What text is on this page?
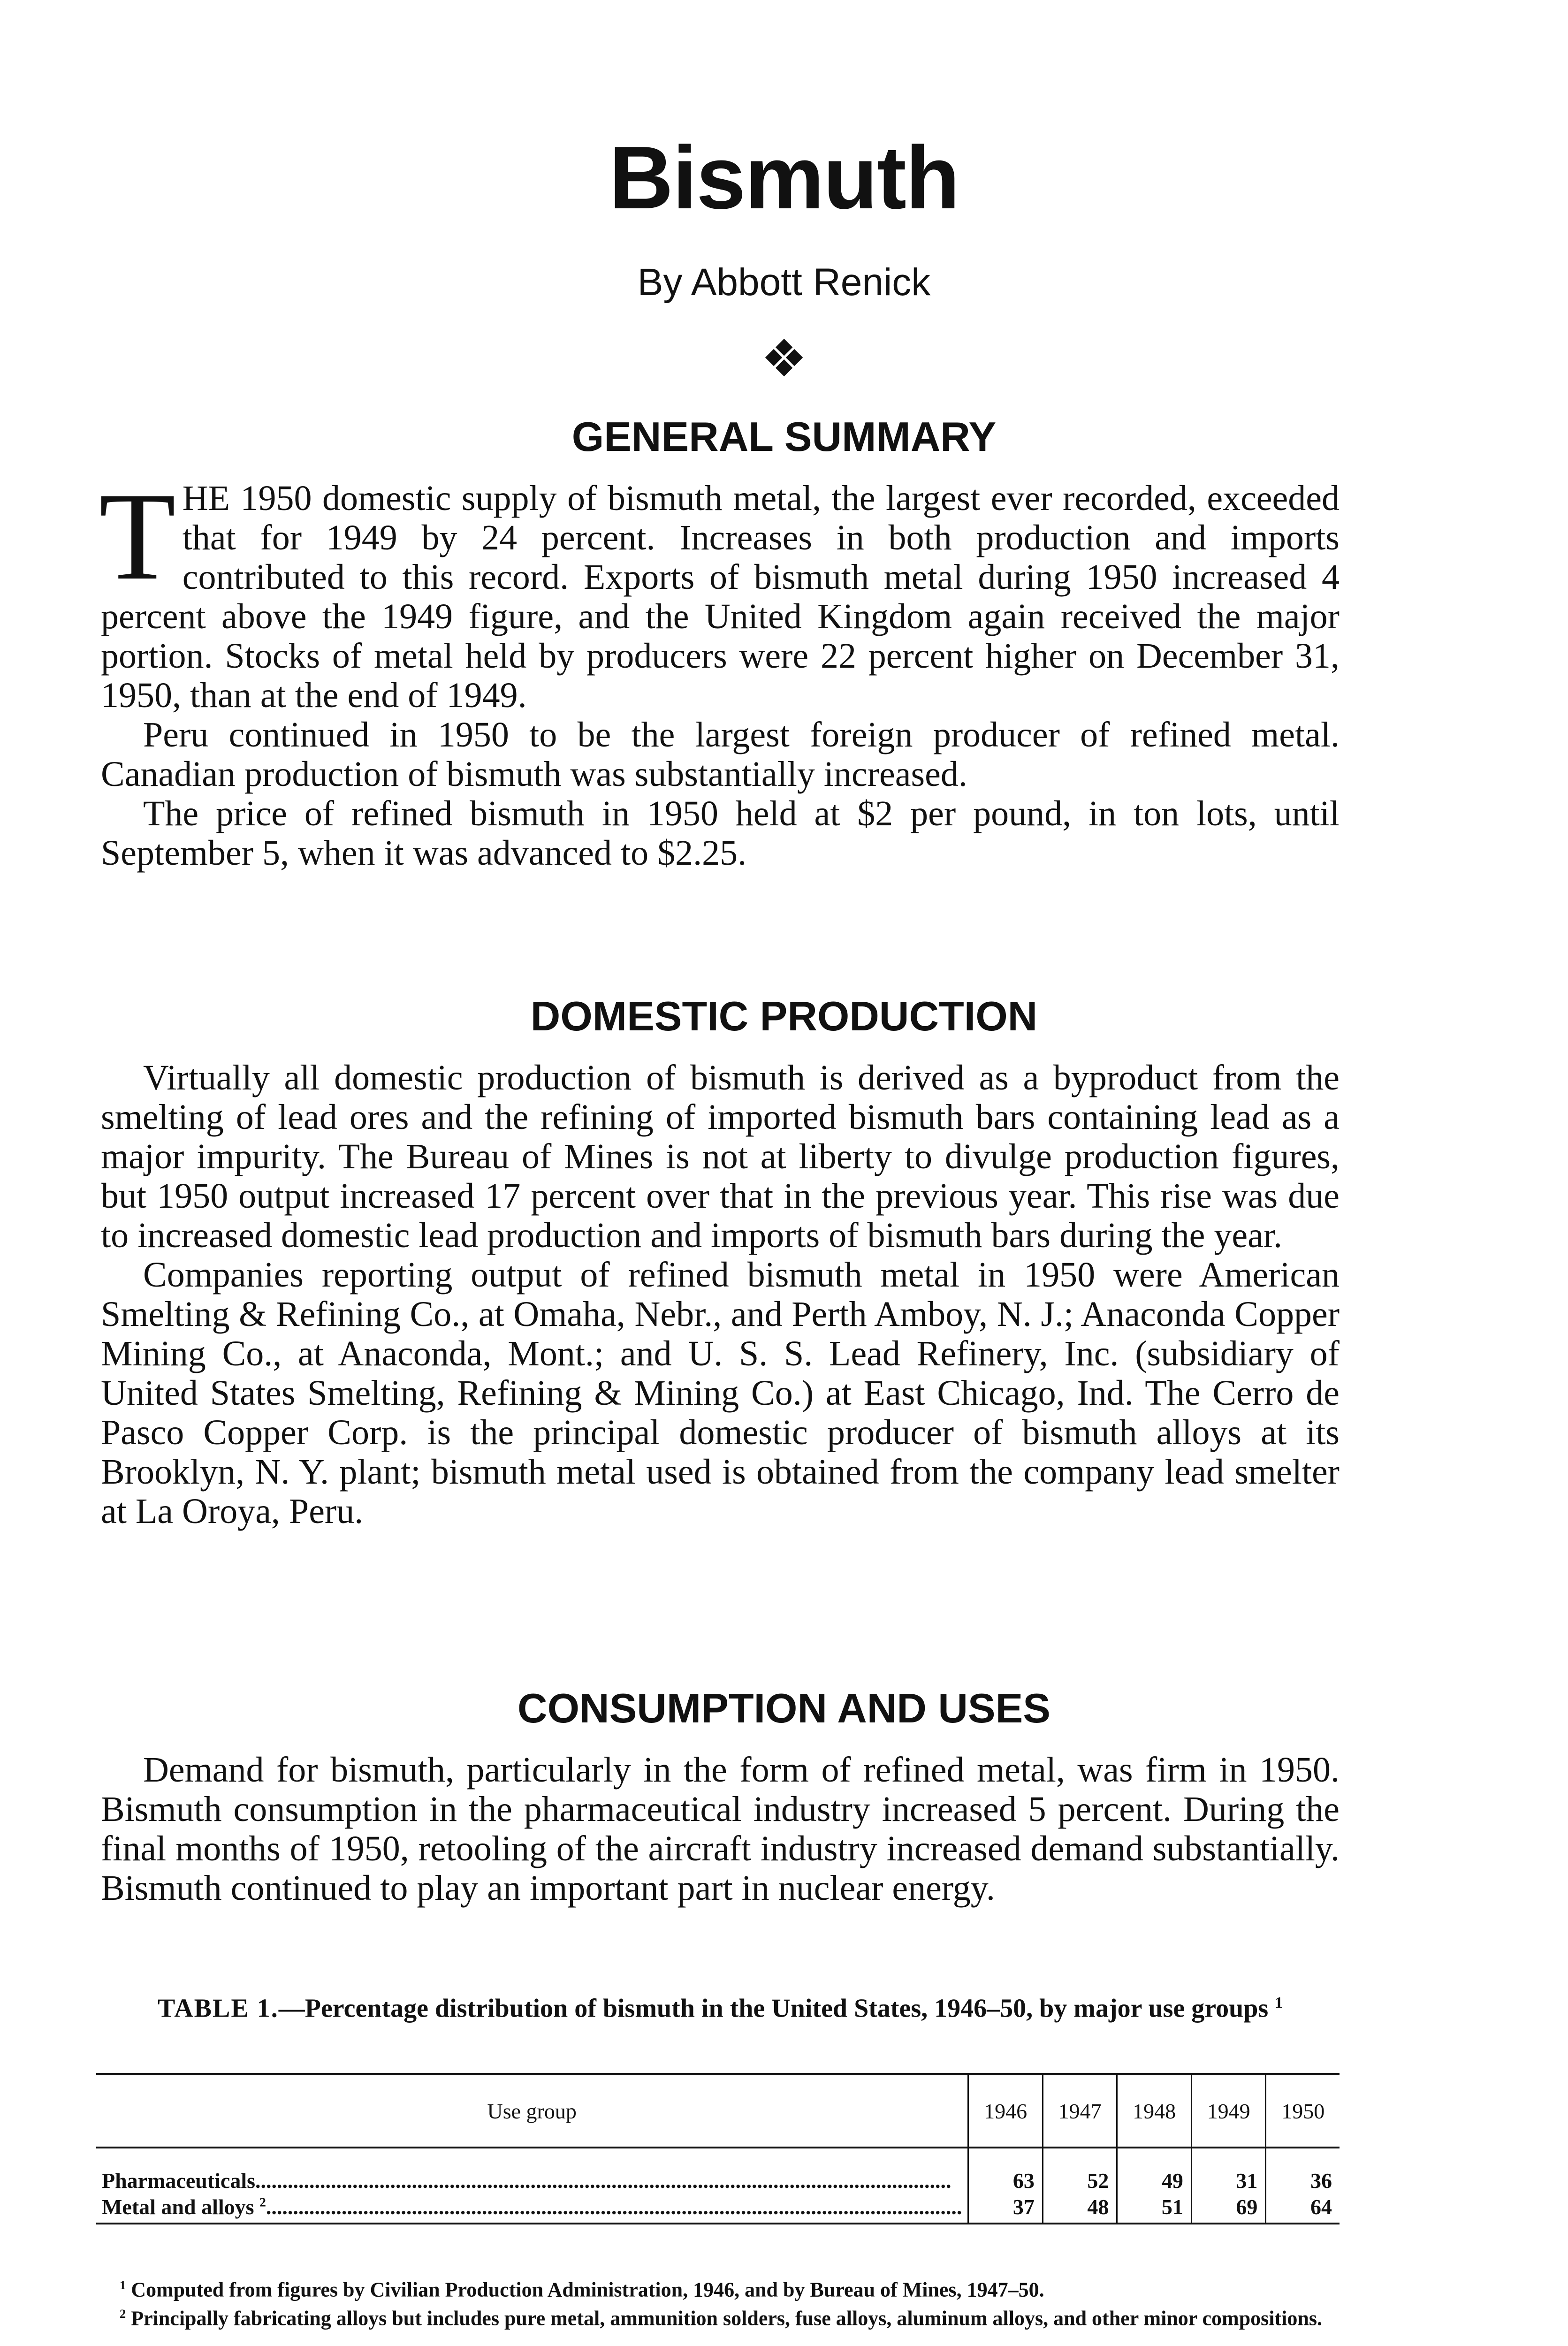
Bismuth
By Abbott Renick
❖
GENERAL SUMMARY

THE 1950 domestic supply of bismuth metal, the largest ever recorded, exceeded that for 1949 by 24 percent. Increases in both production and imports contributed to this record. Exports of bismuth metal during 1950 increased 4 percent above the 1949 figure, and the United Kingdom again received the major portion. Stocks of metal held by producers were 22 percent higher on December 31, 1950, than at the end of 1949.

Peru continued in 1950 to be the largest foreign producer of refined metal. Canadian production of bismuth was substantially increased.

The price of refined bismuth in 1950 held at $2 per pound, in ton lots, until September 5, when it was advanced to $2.25.

DOMESTIC PRODUCTION

Virtually all domestic production of bismuth is derived as a byproduct from the smelting of lead ores and the refining of imported bismuth bars containing lead as a major impurity. The Bureau of Mines is not at liberty to divulge production figures, but 1950 output increased 17 percent over that in the previous year. This rise was due to increased domestic lead production and imports of bismuth bars during the year.

Companies reporting output of refined bismuth metal in 1950 were American Smelting & Refining Co., at Omaha, Nebr., and Perth Amboy, N. J.; Anaconda Copper Mining Co., at Anaconda, Mont.; and U. S. S. Lead Refinery, Inc. (subsidiary of United States Smelting, Refining & Mining Co.) at East Chicago, Ind. The Cerro de Pasco Copper Corp. is the principal domestic producer of bismuth alloys at its Brooklyn, N. Y. plant; bismuth metal used is obtained from the company lead smelter at La Oroya, Peru.

CONSUMPTION AND USES

Demand for bismuth, particularly in the form of refined metal, was firm in 1950. Bismuth consumption in the pharmaceutical industry increased 5 percent. During the final months of 1950, retooling of the aircraft industry increased demand substantially. Bismuth continued to play an important part in nuclear energy.

TABLE 1.—Percentage distribution of bismuth in the United States, 1946–50, by major use groups $^1$
Use group	1946	1947	1948	1949	1950
Pharmaceuticals.................................................................................................................................	63	52	49	31	36
Metal and alloys $^2$.................................................................................................................................	37	48	51	69	64

$^1$ Computed from figures by Civilian Production Administration, 1946, and by Bureau of Mines, 1947–50.

$^2$ Principally fabricating alloys but includes pure metal, ammunition solders, fuse alloys, aluminum alloys, and other minor compositions.
